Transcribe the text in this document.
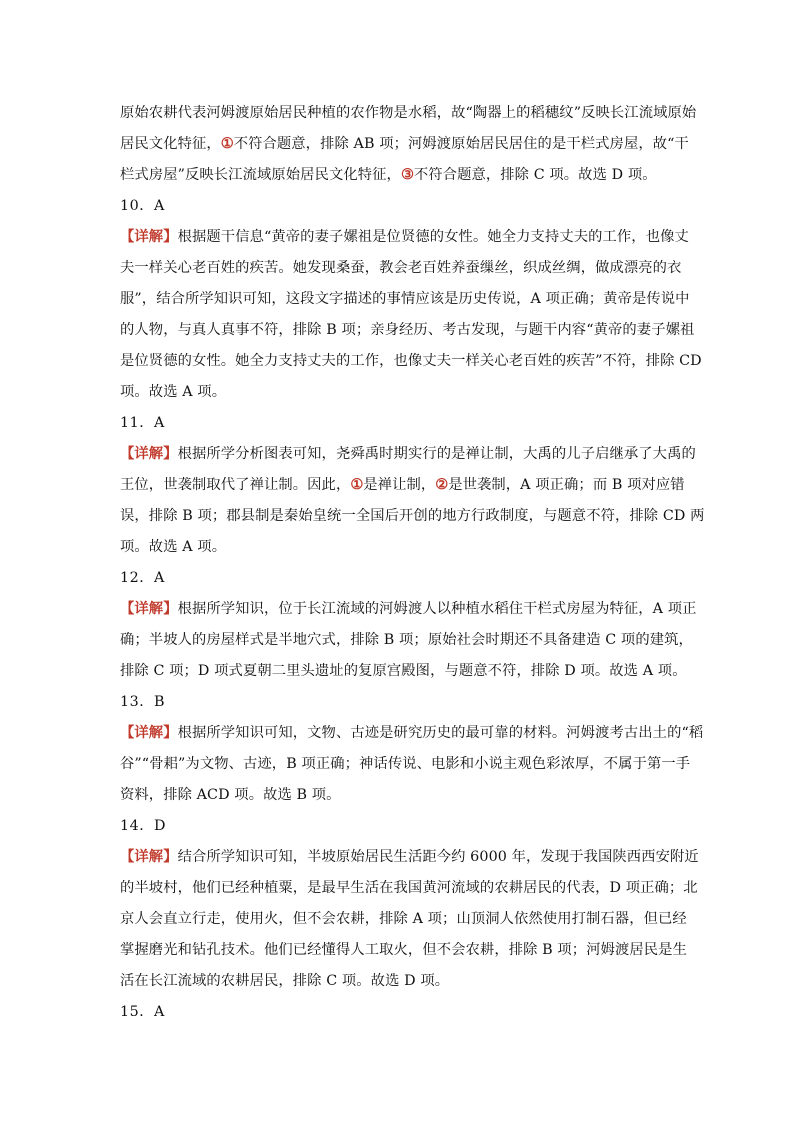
原始农耕代表河姆渡原始居民种植的农作物是水稻，故“陶器上的稻穗纹”反映长江流域原始
居民文化特征，①不符合题意，排除 AB 项；河姆渡原始居民居住的是干栏式房屋，故“干
栏式房屋”反映长江流域原始居民文化特征，③不符合题意，排除 C 项。故选 D 项。
10．A
【详解】根据题干信息“黄帝的妻子嫘祖是位贤德的女性。她全力支持丈夫的工作，也像丈
夫一样关心老百姓的疾苦。她发现桑蚕，教会老百姓养蚕缫丝，织成丝绸，做成漂亮的衣
服”，结合所学知识可知，这段文字描述的事情应该是历史传说，A 项正确；黄帝是传说中
的人物，与真人真事不符，排除 B 项；亲身经历、考古发现，与题干内容“黄帝的妻子嫘祖
是位贤德的女性。她全力支持丈夫的工作，也像丈夫一样关心老百姓的疾苦”不符，排除 CD
项。故选 A 项。
11．A
【详解】根据所学分析图表可知，尧舜禹时期实行的是禅让制，大禹的儿子启继承了大禹的
王位，世袭制取代了禅让制。因此，①是禅让制，②是世袭制，A 项正确；而 B 项对应错
误，排除 B 项；郡县制是秦始皇统一全国后开创的地方行政制度，与题意不符，排除 CD 两
项。故选 A 项。
12．A
【详解】根据所学知识，位于长江流域的河姆渡人以种植水稻住干栏式房屋为特征，A 项正
确；半坡人的房屋样式是半地穴式，排除 B 项；原始社会时期还不具备建造 C 项的建筑，
排除 C 项；D 项式夏朝二里头遗址的复原宫殿图，与题意不符，排除 D 项。故选 A 项。
13．B
【详解】根据所学知识可知，文物、古迹是研究历史的最可靠的材料。河姆渡考古出土的“稻
谷”“骨耜”为文物、古迹，B 项正确；神话传说、电影和小说主观色彩浓厚，不属于第一手
资料，排除 ACD 项。故选 B 项。
14．D
【详解】结合所学知识可知，半坡原始居民生活距今约 6000 年，发现于我国陕西西安附近
的半坡村，他们已经种植粟，是最早生活在我国黄河流域的农耕居民的代表，D 项正确；北
京人会直立行走，使用火，但不会农耕，排除 A 项；山顶洞人依然使用打制石器，但已经
掌握磨光和钻孔技术。他们已经懂得人工取火，但不会农耕，排除 B 项；河姆渡居民是生
活在长江流域的农耕居民，排除 C 项。故选 D 项。
15．A
